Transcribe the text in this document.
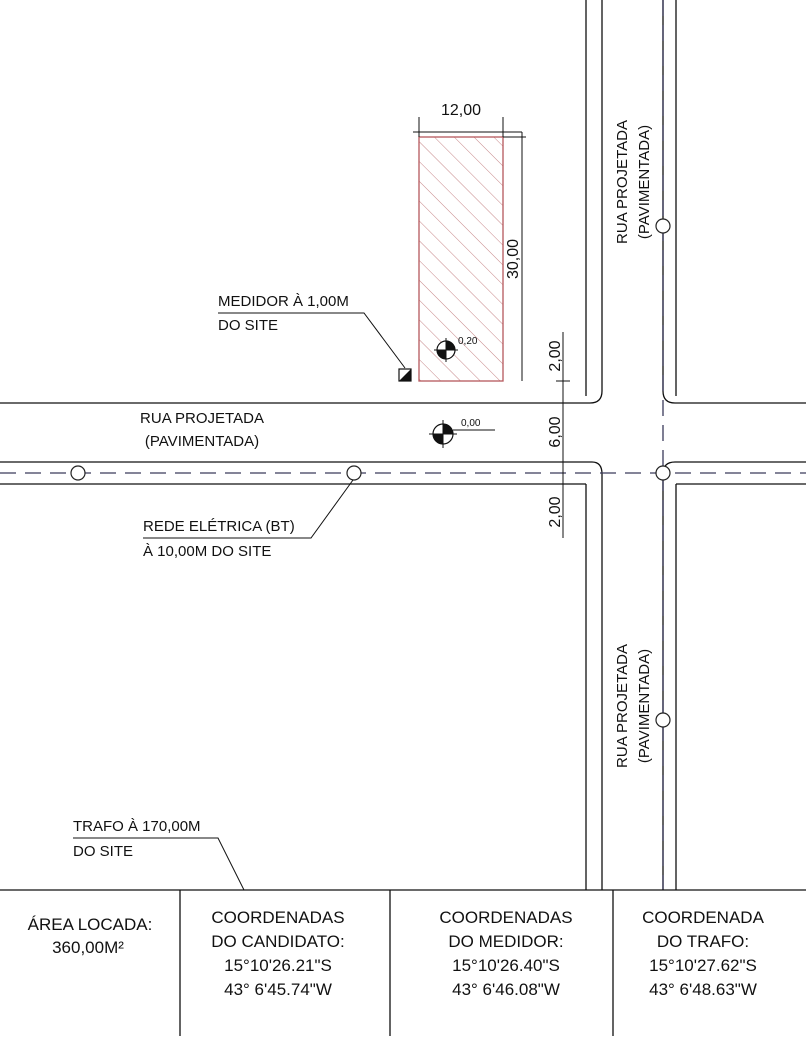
12,00
30,00
0,20
MEDIDOR À 1,00M
DO SITE
RUA PROJETADA
(PAVIMENTADA)
0,00
2,00
6,00
2,00
RUA PROJETADA (PAVIMENTADA)
RUA PROJETADA (PAVIMENTADA)
REDE ELÉTRICA (BT)
À 10,00M DO SITE
TRAFO À 170,00M
DO SITE
ÁREA LOCADA:
360,00M²
COORDENADAS
DO CANDIDATO:
15°10'26.21"S
43° 6'45.74"W
COORDENADAS
DO MEDIDOR:
15°10'26.40"S
43° 6'46.08"W
COORDENADA
DO TRAFO:
15°10'27.62"S
43° 6'48.63"W
